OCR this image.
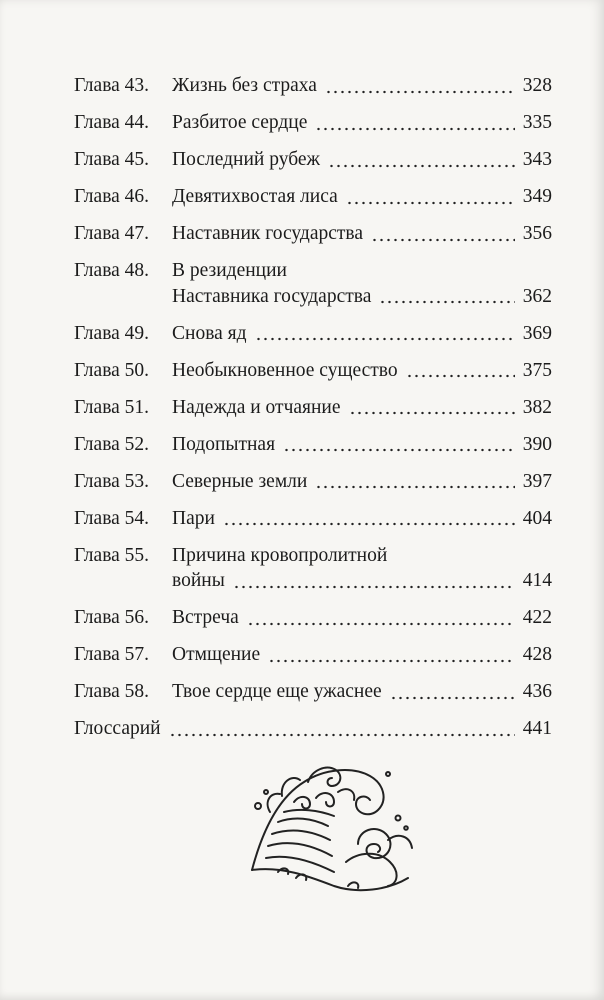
Глава 43. Жизнь без страха	328
Глава 44. Разбитое сердце	335
Глава 45. Последний рубеж	343
Глава 46. Девятихвостая лиса	349
Глава 47. Наставник государства	356
Глава 48. В резиденции
Наставника государства	362
Глава 49. Снова яд	369
Глава 50. Необыкновенное существо	375
Глава 51. Надежда и отчаяние	382
Глава 52. Подопытная	390
Глава 53. Северные земли	397
Глава 54. Пари	404
Глава 55. Причина кровопролитной
войны	414
Глава 56. Встреча	422
Глава 57. Отмщение	428
Глава 58. Твое сердце еще ужаснее	436
Глоссарий	441
